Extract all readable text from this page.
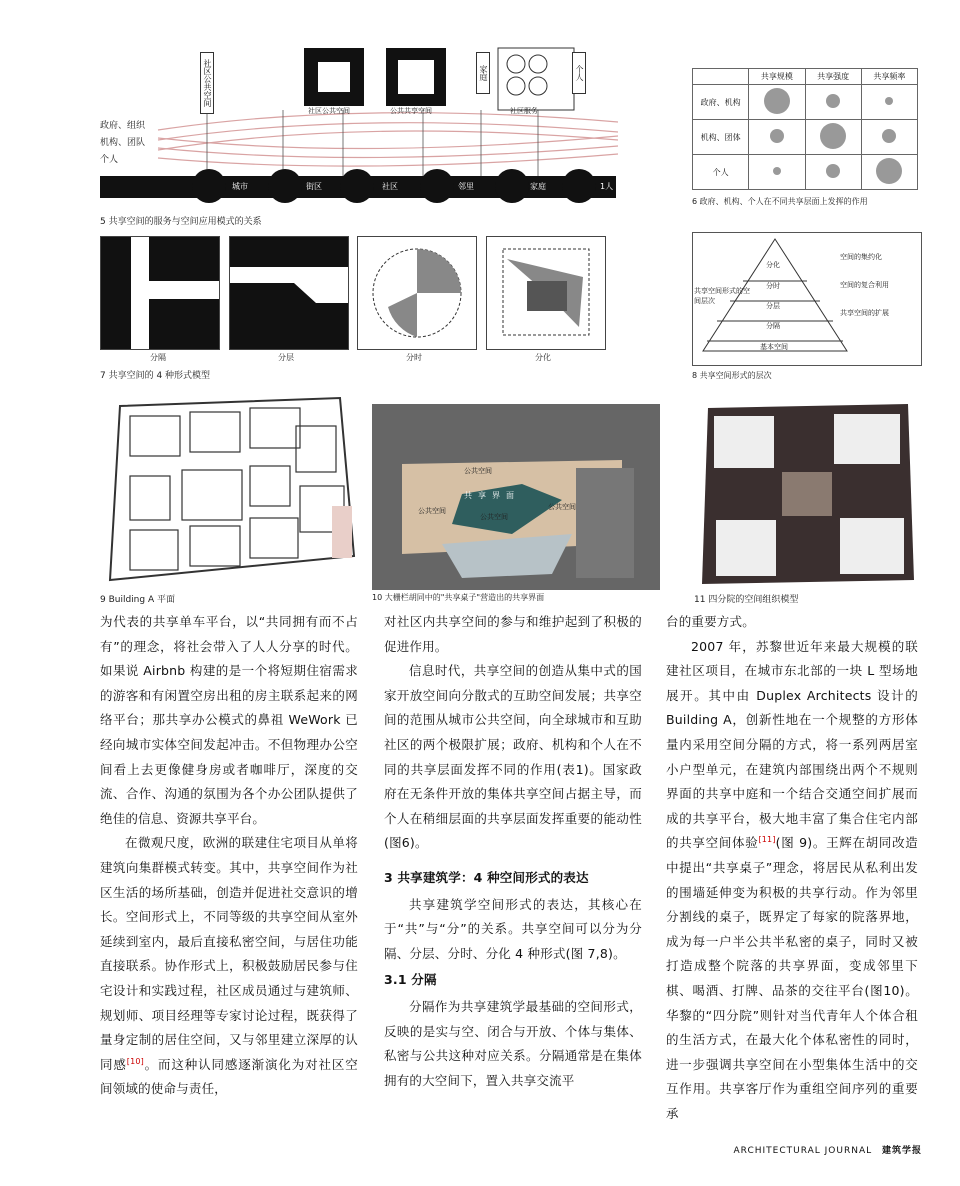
政府、组织
机构、团队
个人
社区公共空间	家庭	个人
社区公共空间	公共共享空间	社区服务
城市	街区	社区	邻里	家庭	1人
5 共享空间的服务与空间应用模式的关系
	共享规模	共享强度	共享频率
政府、机构			
机构、团体			
个人			
6 政府、机构、个人在不同共享层面上发挥的作用
分隔	分层	分时	分化
7 共享空间的 4 种形式模型
分化
分时
分层
分隔
基本空间
空间的集约化
空间的复合利用
共享空间的扩展
共享空间形式的空间层次
8 共享空间形式的层次
9 Building A 平面
公共空间
公共空间
公共空间
公共空间
共享界面
10 大栅栏胡同中的"共享桌子"营造出的共享界面	11 四分院的空间组织模型

为代表的共享单车平台，以“共同拥有而不占有”的理念，将社会带入了人人分享的时代。如果说 Airbnb 构建的是一个将短期住宿需求的游客和有闲置空房出租的房主联系起来的网络平台；那共享办公模式的鼻祖 WeWork 已经向城市实体空间发起冲击。不但物理办公空间看上去更像健身房或者咖啡厅，深度的交流、合作、沟通的氛围为各个办公团队提供了绝佳的信息、资源共享平台。

在微观尺度，欧洲的联建住宅项目从单将建筑向集群模式转变。其中，共享空间作为社区生活的场所基础，创造并促进社交意识的增长。空间形式上，不同等级的共享空间从室外延续到室内，最后直接私密空间，与居住功能直接联系。协作形式上，积极鼓励居民参与住宅设计和实践过程，社区成员通过与建筑师、规划师、项目经理等专家讨论过程，既获得了量身定制的居住空间，又与邻里建立深厚的认同感[10]。而这种认同感逐渐演化为对社区空间领域的使命与责任，

对社区内共享空间的参与和维护起到了积极的促进作用。

信息时代，共享空间的创造从集中式的国家开放空间向分散式的互助空间发展；共享空间的范围从城市公共空间，向全球城市和互助社区的两个极限扩展；政府、机构和个人在不同的共享层面发挥不同的作用(表1)。国家政府在无条件开放的集体共享空间占据主导，而个人在稍细层面的共享层面发挥重要的能动性(图6)。

3 共享建筑学：4 种空间形式的表达

共享建筑学空间形式的表达，其核心在于“共”与“分”的关系。共享空间可以分为分隔、分层、分时、分化 4 种形式(图 7,8)。

3.1 分隔

分隔作为共享建筑学最基础的空间形式，反映的是实与空、闭合与开放、个体与集体、私密与公共这种对应关系。分隔通常是在集体拥有的大空间下，置入共享交流平

台的重要方式。

2007 年，苏黎世近年来最大规模的联建社区项目，在城市东北部的一块 L 型场地展开。其中由 Duplex Architects 设计的 Building A，创新性地在一个规整的方形体量内采用空间分隔的方式，将一系列两居室小户型单元，在建筑内部围绕出两个不规则界面的共享中庭和一个结合交通空间扩展而成的共享平台，极大地丰富了集合住宅内部的共享空间体验[11](图 9)。王辉在胡同改造中提出“共享桌子”理念，将居民从私利出发的围墙延伸变为积极的共享行动。作为邻里分割线的桌子，既界定了每家的院落界地，成为每一户半公共半私密的桌子，同时又被打造成整个院落的共享界面，变成邻里下棋、喝酒、打牌、品茶的交往平台(图10)。华黎的“四分院”则针对当代青年人个体合租的生活方式，在最大化个体私密性的同时，进一步强调共享空间在小型集体生活中的交互作用。共享客厅作为重组空间序列的重要承

ARCHITECTURAL JOURNAL 建筑学报
